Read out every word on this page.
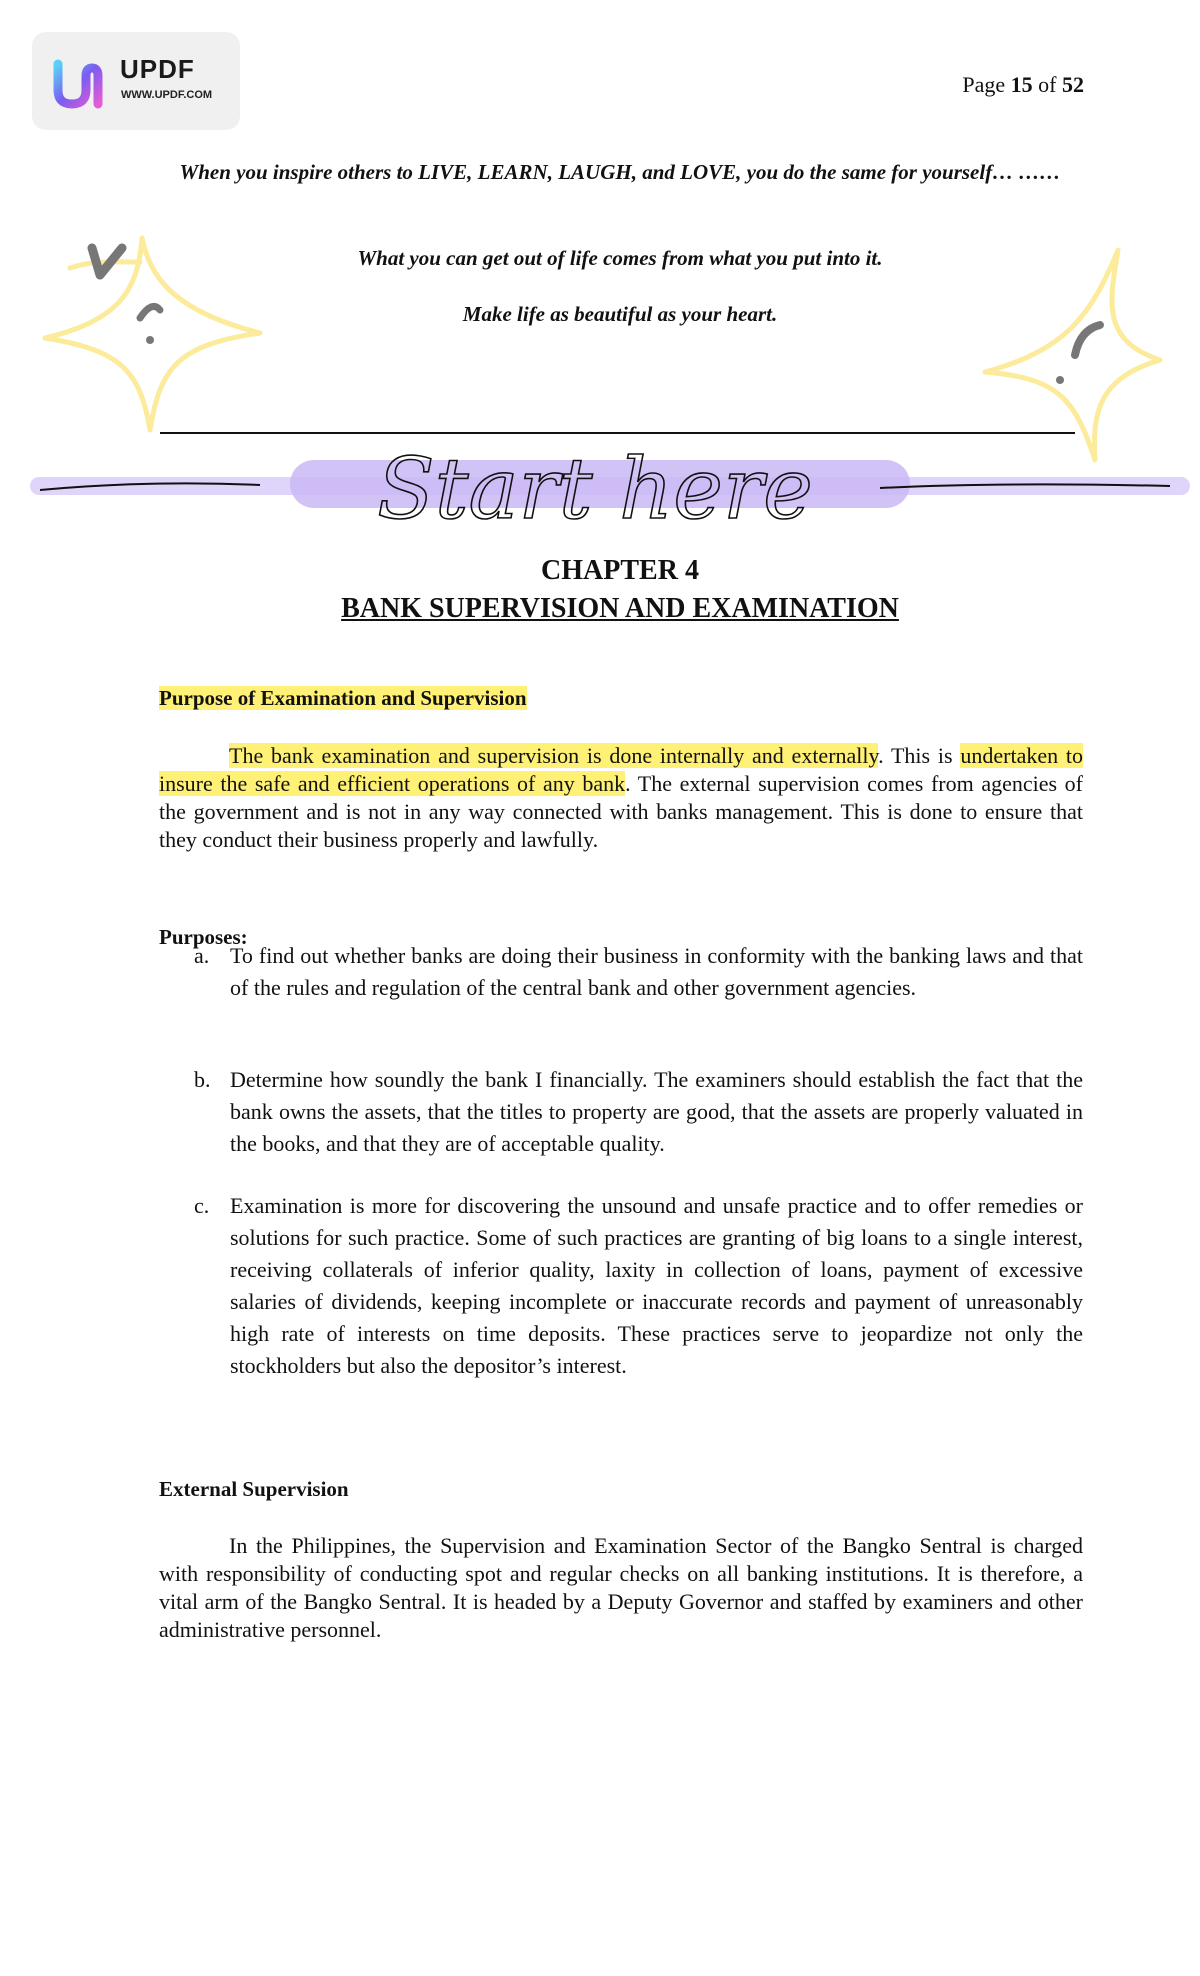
UPDF
WWW.UPDF.COM	Page 15 of 52
When you inspire others to LIVE, LEARN, LAUGH, and LOVE, you do the same for yourself… ……
What you can get out of life comes from what you put into it.
Make life as beautiful as your heart.
Start here
CHAPTER 4
BANK SUPERVISION AND EXAMINATION
Purpose of Examination and Supervision

The bank examination and supervision is done internally and externally. This is undertaken to insure the safe and efficient operations of any bank. The external supervision comes from agencies of the government and is not in any way connected with banks management. This is done to ensure that they conduct their business properly and lawfully.

Purposes:
a. To find out whether banks are doing their business in conformity with the banking laws and that of the rules and regulation of the central bank and other government agencies.
b. Determine how soundly the bank I financially. The examiners should establish the fact that the bank owns the assets, that the titles to property are good, that the assets are properly valuated in the books, and that they are of acceptable quality.
c. Examination is more for discovering the unsound and unsafe practice and to offer remedies or solutions for such practice. Some of such practices are granting of big loans to a single interest, receiving collaterals of inferior quality, laxity in collection of loans, payment of excessive salaries of dividends, keeping incomplete or inaccurate records and payment of unreasonably high rate of interests on time deposits. These practices serve to jeopardize not only the stockholders but also the depositor’s interest.
External Supervision

In the Philippines, the Supervision and Examination Sector of the Bangko Sentral is charged with responsibility of conducting spot and regular checks on all banking institutions. It is therefore, a vital arm of the Bangko Sentral. It is headed by a Deputy Governor and staffed by examiners and other administrative personnel.
